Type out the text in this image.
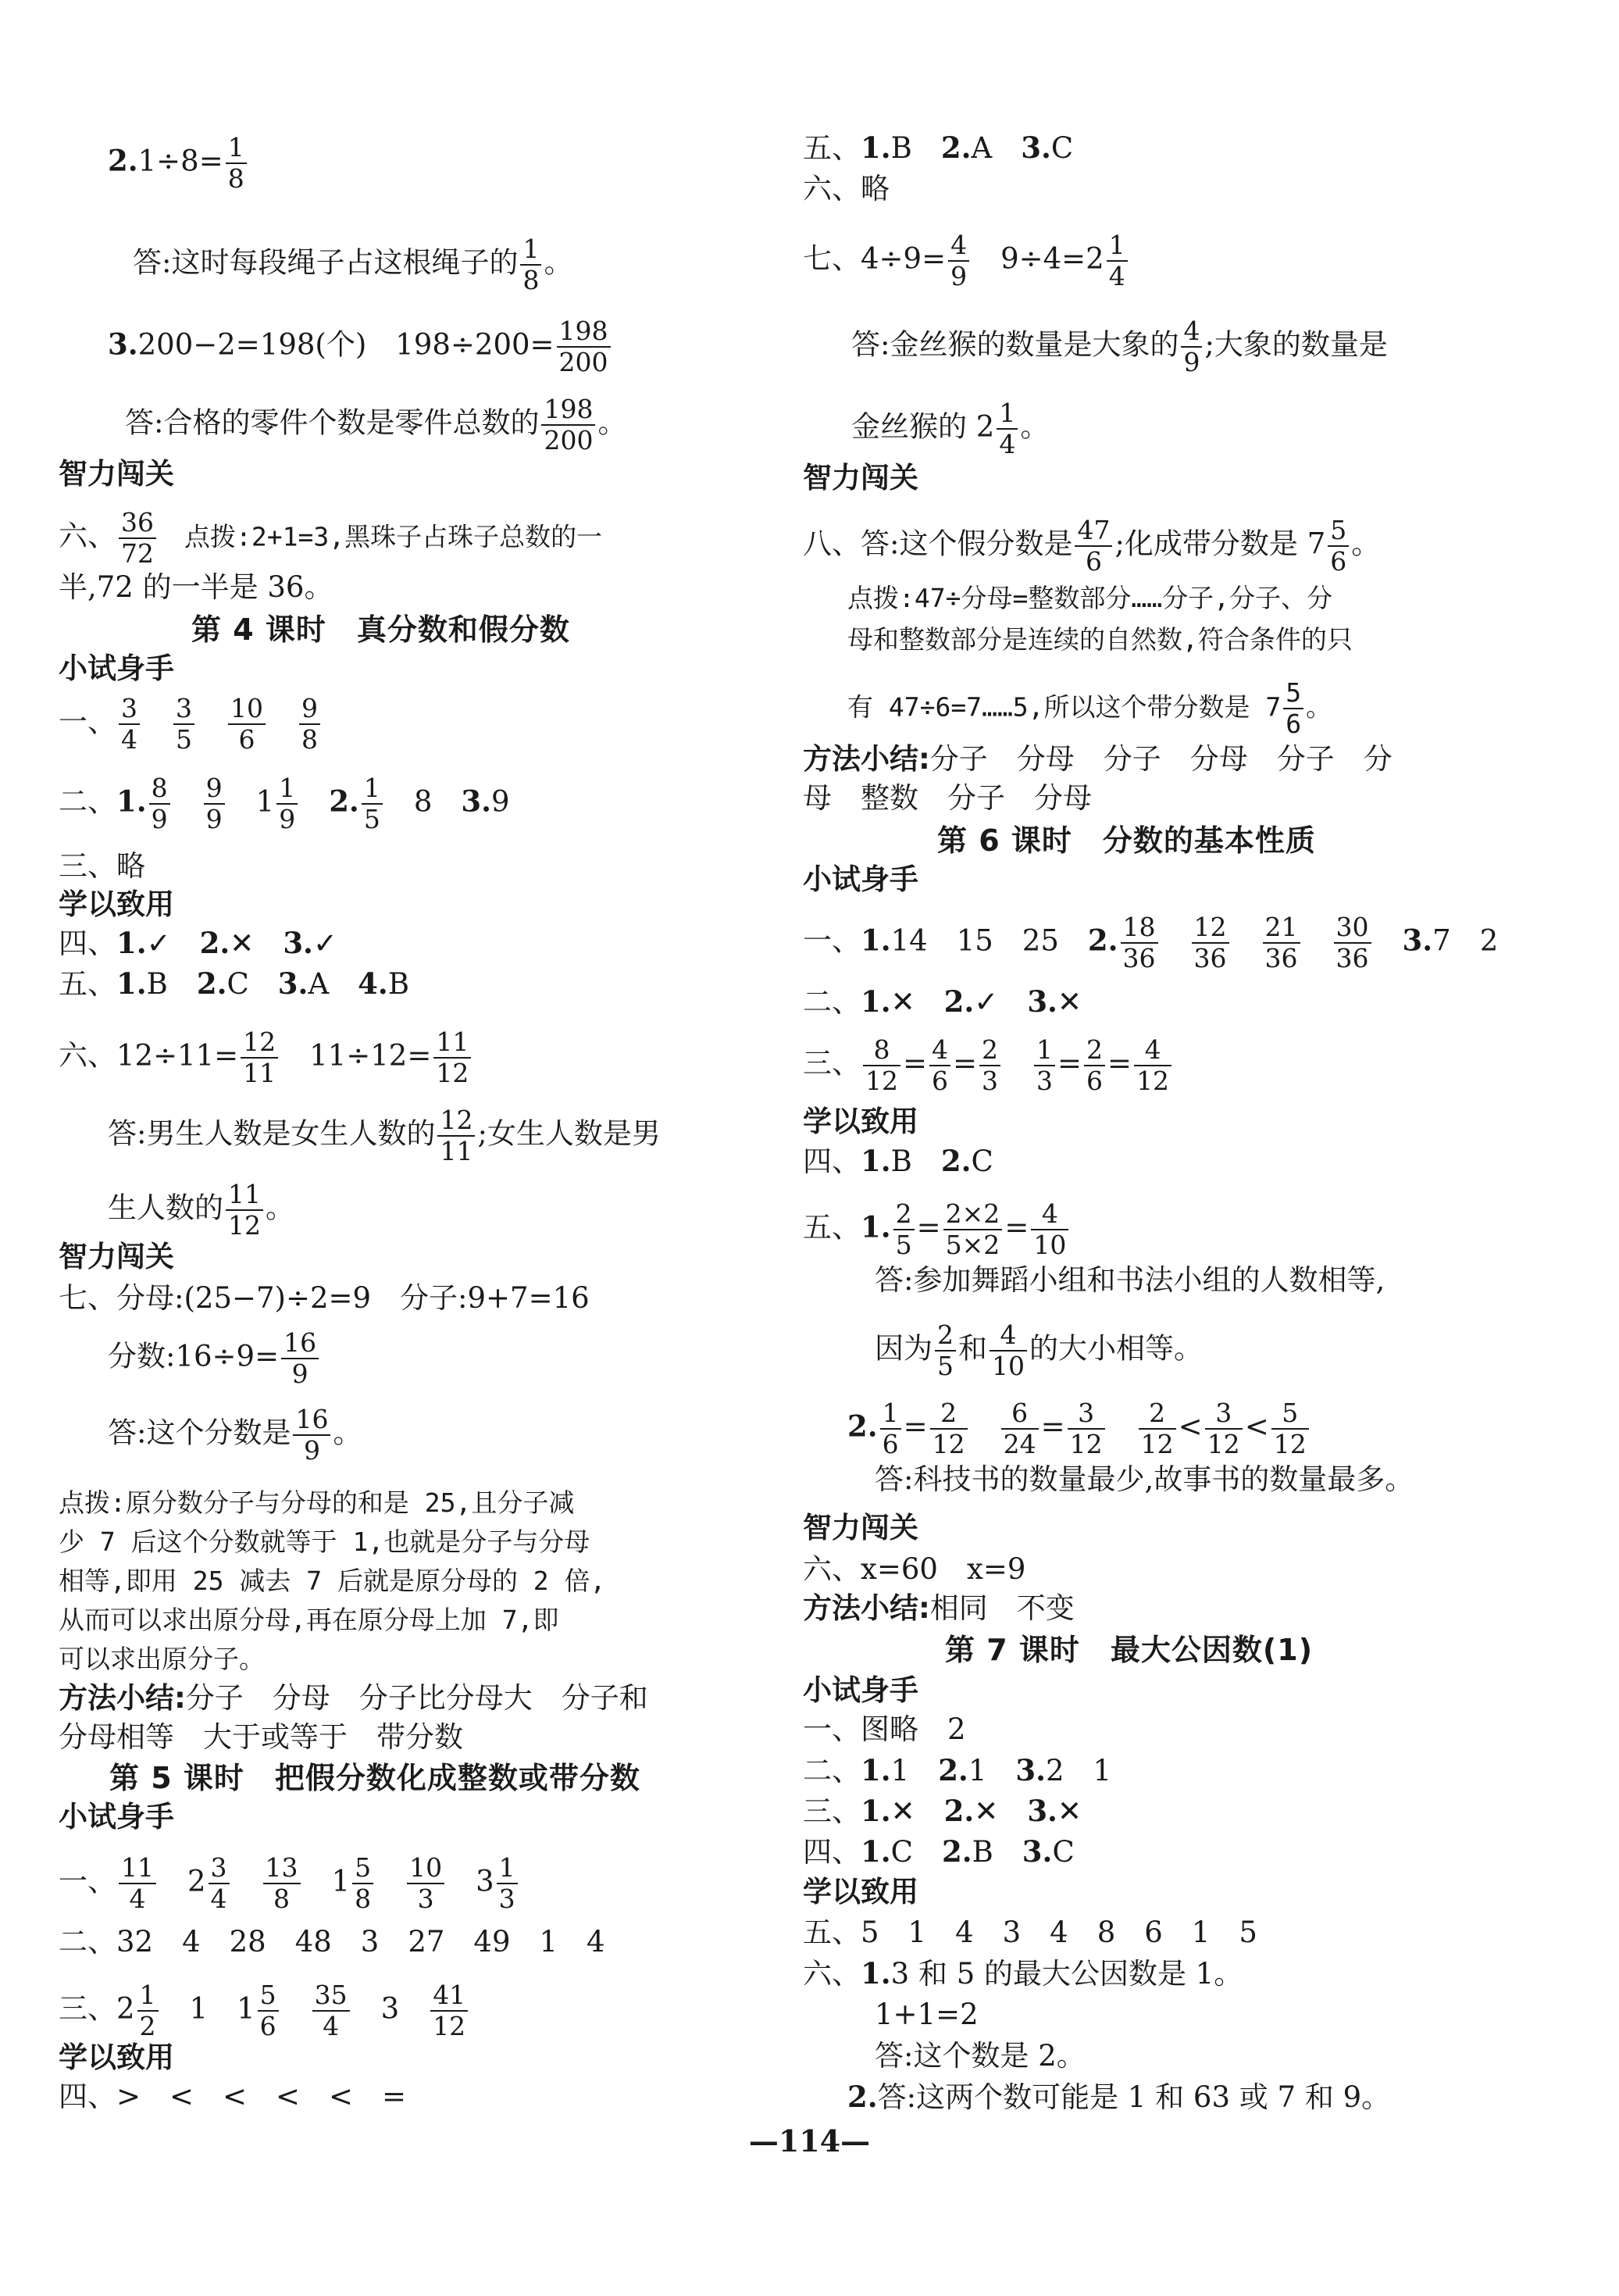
$2.1\div 8= \frac{1}{8}$
答:这时每段绳子占这根绳子的 $\frac{1}{8}$ 。
3.200−2=198(个)　$198\div 200= \frac{198}{200}$
答:合格的零件个数是零件总数的 $\frac{198}{200}$ 。
智力闯关
六、 $\frac{36}{72}$ 　点拨:2+1=3,黑珠子占珠子总数的一
半,72 的一半是 36。
第 4 课时　真分数和假分数
小试身手
一、 $\frac{3}{4}$
　 $\frac{3}{5}$
　 $\frac{10}{6}$
　 $\frac{9}{8}$
二、1. $\frac{8}{9}$
　 $\frac{9}{9}$
　 $1 \frac{1}{9}$
　 2. $\frac{1}{5}$
　 8　 3.9
三、略
学以致用
四、1.✓　 2.✕　 3.✓
五、1.B　 2.C　 3.A　 4.B
六、$12\div 11= \frac{12}{11}$
　 $11\div 12= \frac{11}{12}$
答:男生人数是女生人数的 $\frac{12}{11}$ ;女生人数是男
生人数的 $\frac{11}{12}$ 。
智力闯关
七、分母:(25−7)÷2=9　分子:9+7=16
分数:16÷9= $\frac{16}{9}$
答:这个分数是 $\frac{16}{9}$ 。
点拨:原分数分子与分母的和是 25,且分子减
少 7 后这个分数就等于 1,也就是分子与分母
相等,即用 25 减去 7 后就是原分母的 2 倍,
从而可以求出原分母,再在原分母上加 7,即
可以求出原分子。
方法小结:分子　分母　分子比分母大　分子和
分母相等　大于或等于　带分数
第 5 课时　把假分数化成整数或带分数
小试身手
一、 $\frac{11}{4}$
　 $2 \frac{3}{4}$
　 $\frac{13}{8}$
　 $1 \frac{5}{8}$
　 $\frac{10}{3}$
　 $3 \frac{1}{3}$
二、32　4　28　48　3　27　49　1　4
三、$2 \frac{1}{2}$
　 1　 $1 \frac{5}{6}$
　 $\frac{35}{4}$
　 3　 $\frac{41}{12}$
学以致用
四、>　<　<　<　<　=
五、1.B　 2.A　 3.C
六、略
七、$4\div 9= \frac{4}{9}$
　 $9\div 4=2 \frac{1}{4}$
答:金丝猴的数量是大象的 $\frac{4}{9}$ ;大象的数量是
金丝猴的 $2 \frac{1}{4}$ 。
智力闯关
八、答:这个假分数是 $\frac{47}{6}$ ;化成带分数是 $7 \frac{5}{6}$ 。
点拨:47÷分母=整数部分……分子,分子、分
母和整数部分是连续的自然数,符合条件的只
有 47÷6=7……5,所以这个带分数是 $7 \frac{5}{6}$ 。
方法小结:分子　分母　分子　分母　分子　分
母　整数　分子　分母
第 6 课时　分数的基本性质
小试身手
一、1.14　15　25　 2. $\frac{18}{36}$
　 $\frac{12}{36}$
　 $\frac{21}{36}$
　 $\frac{30}{36}$
　 3.7　2
二、1.✕　 2.✓　 3.✕
三、 $\frac{8}{12} = \frac{4}{6} = \frac{2}{3}$
　 $\frac{1}{3} = \frac{2}{6} = \frac{4}{12}$
学以致用
四、1.B　 2.C
五、1. $\frac{2}{5} = \frac{2\times 2}{5\times 2} = \frac{4}{10}$
答:参加舞蹈小组和书法小组的人数相等,
因为 $\frac{2}{5}$ 和 $\frac{4}{10}$ 的大小相等。
2. $\frac{1}{6} = \frac{2}{12}$
　 $\frac{6}{24} = \frac{3}{12}$
　 $\frac{2}{12} < \frac{3}{12} < \frac{5}{12}$
答:科技书的数量最少,故事书的数量最多。
智力闯关
六、x=60　x=9
方法小结:相同　不变
第 7 课时　最大公因数(1)
小试身手
一、图略　2
二、1.1　 2.1　 3.2　1
三、1.✕　 2.✕　 3.✕
四、1.C　 2.B　 3.C
学以致用
五、5　1　4　3　4　8　6　1　5
六、1.3 和 5 的最大公因数是 1。
1+1=2
答:这个数是 2。
2.答:这两个数可能是 1 和 63 或 7 和 9。
—114—
